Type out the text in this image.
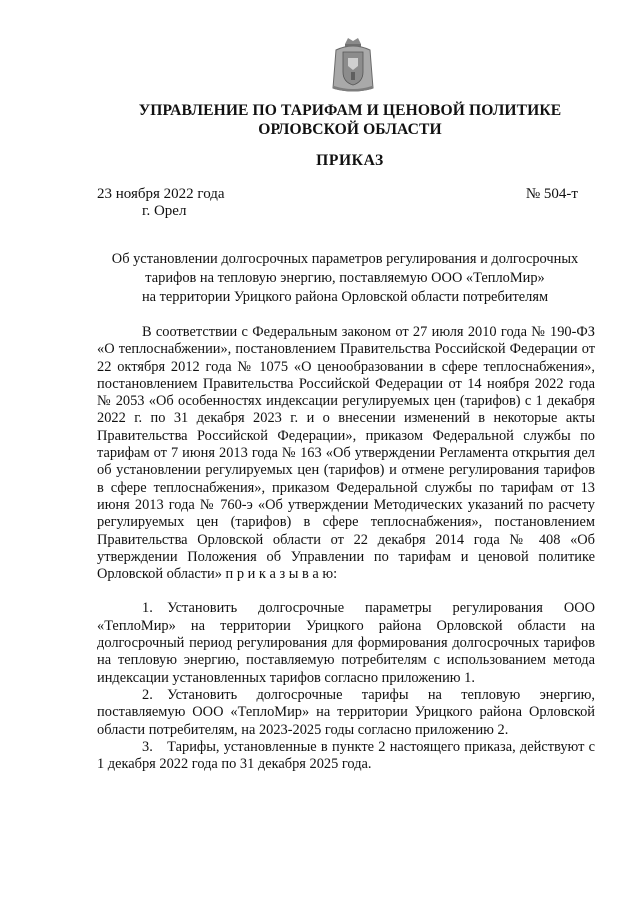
УПРАВЛЕНИЕ ПО ТАРИФАМ И ЦЕНОВОЙ ПОЛИТИКЕ
ОРЛОВСКОЙ ОБЛАСТИ
ПРИКАЗ
23 ноября 2022 года
г. Орел
№ 504-т
Об установлении долгосрочных параметров регулирования и долгосрочных
тарифов на тепловую энергию, поставляемую ООО «ТеплоМир»
на территории Урицкого района Орловской области потребителям

В соответствии с Федеральным законом от 27 июля 2010 года № 190-ФЗ «О теплоснабжении», постановлением Правительства Российской Федерации от 22 октября 2012 года № 1075 «О ценообразовании в сфере теплоснабжения», постановлением Правительства Российской Федерации от 14 ноября 2022 года № 2053 «Об особенностях индексации регулируемых цен (тарифов) с 1 декабря 2022 г. по 31 декабря 2023 г. и о внесении изменений в некоторые акты Правительства Российской Федерации», приказом Федеральной службы по тарифам от 7 июня 2013 года № 163 «Об утверждении Регламента открытия дел об установлении регулируемых цен (тарифов) и отмене регулирования тарифов в сфере теплоснабжения», приказом Федеральной службы по тарифам от 13 июня 2013 года № 760-э «Об утверждении Методических указаний по расчету регулируемых цен (тарифов) в сфере теплоснабжения», постановлением Правительства Орловской области от 22 декабря 2014 года № 408 «Об утверждении Положения об Управлении по тарифам и ценовой политике Орловской области» п р и к а з ы в а ю:

1. Установить долгосрочные параметры регулирования ООО «ТеплоМир» на территории Урицкого района Орловской области на долгосрочный период регулирования для формирования долгосрочных тарифов на тепловую энергию, поставляемую потребителям с использованием метода индексации установленных тарифов согласно приложению 1.

2. Установить долгосрочные тарифы на тепловую энергию, поставляемую ООО «ТеплоМир» на территории Урицкого района Орловской области потребителям, на 2023-2025 годы согласно приложению 2.

3. Тарифы, установленные в пункте 2 настоящего приказа, действуют с 1 декабря 2022 года по 31 декабря 2025 года.
